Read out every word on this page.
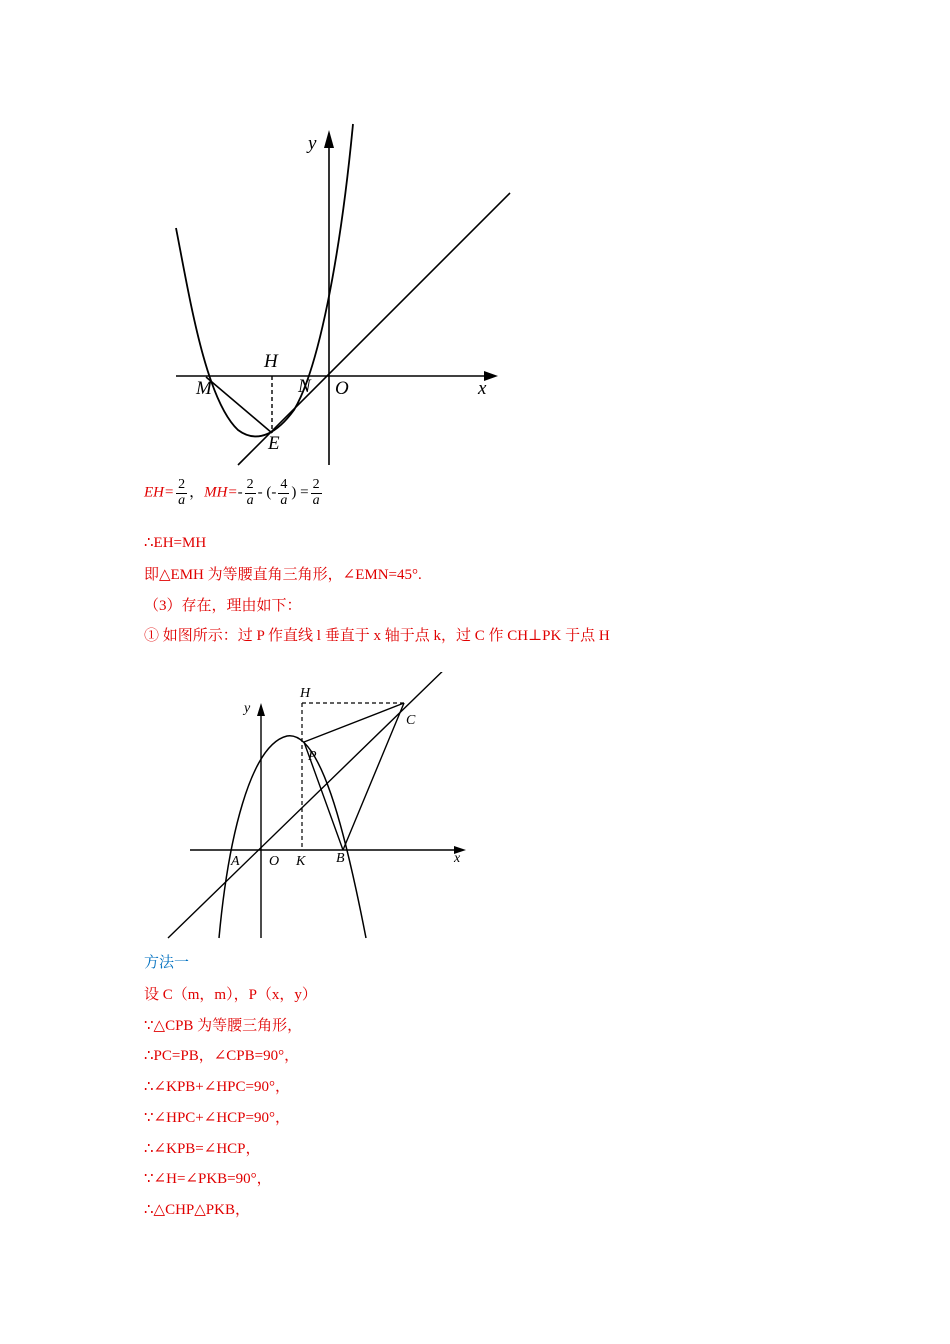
y
x
H
M	N O
E
$EH= \frac{2}{a}$ ，$MH=- \frac{2}{a}$ - (- $\frac{4}{a}$ ) = $\frac{2}{a}$
∴EH=MH
即△EMH 为等腰直角三角形，∠EMN=45°.
（3）存在，理由如下：
① 如图所示：过 P 作直线 l 垂直于 x 轴于点 k，过 C 作 CH⊥PK 于点 H
H
y
C
P
A O K B	x
方法一
设 C（m，m），P（x，y）
∵△CPB 为等腰三角形，
∴PC=PB，∠CPB=90°，
∴∠KPB+∠HPC=90°，
∵∠HPC+∠HCP=90°，
∴∠KPB=∠HCP，
∵∠H=∠PKB=90°，
∴△CHP△PKB，
